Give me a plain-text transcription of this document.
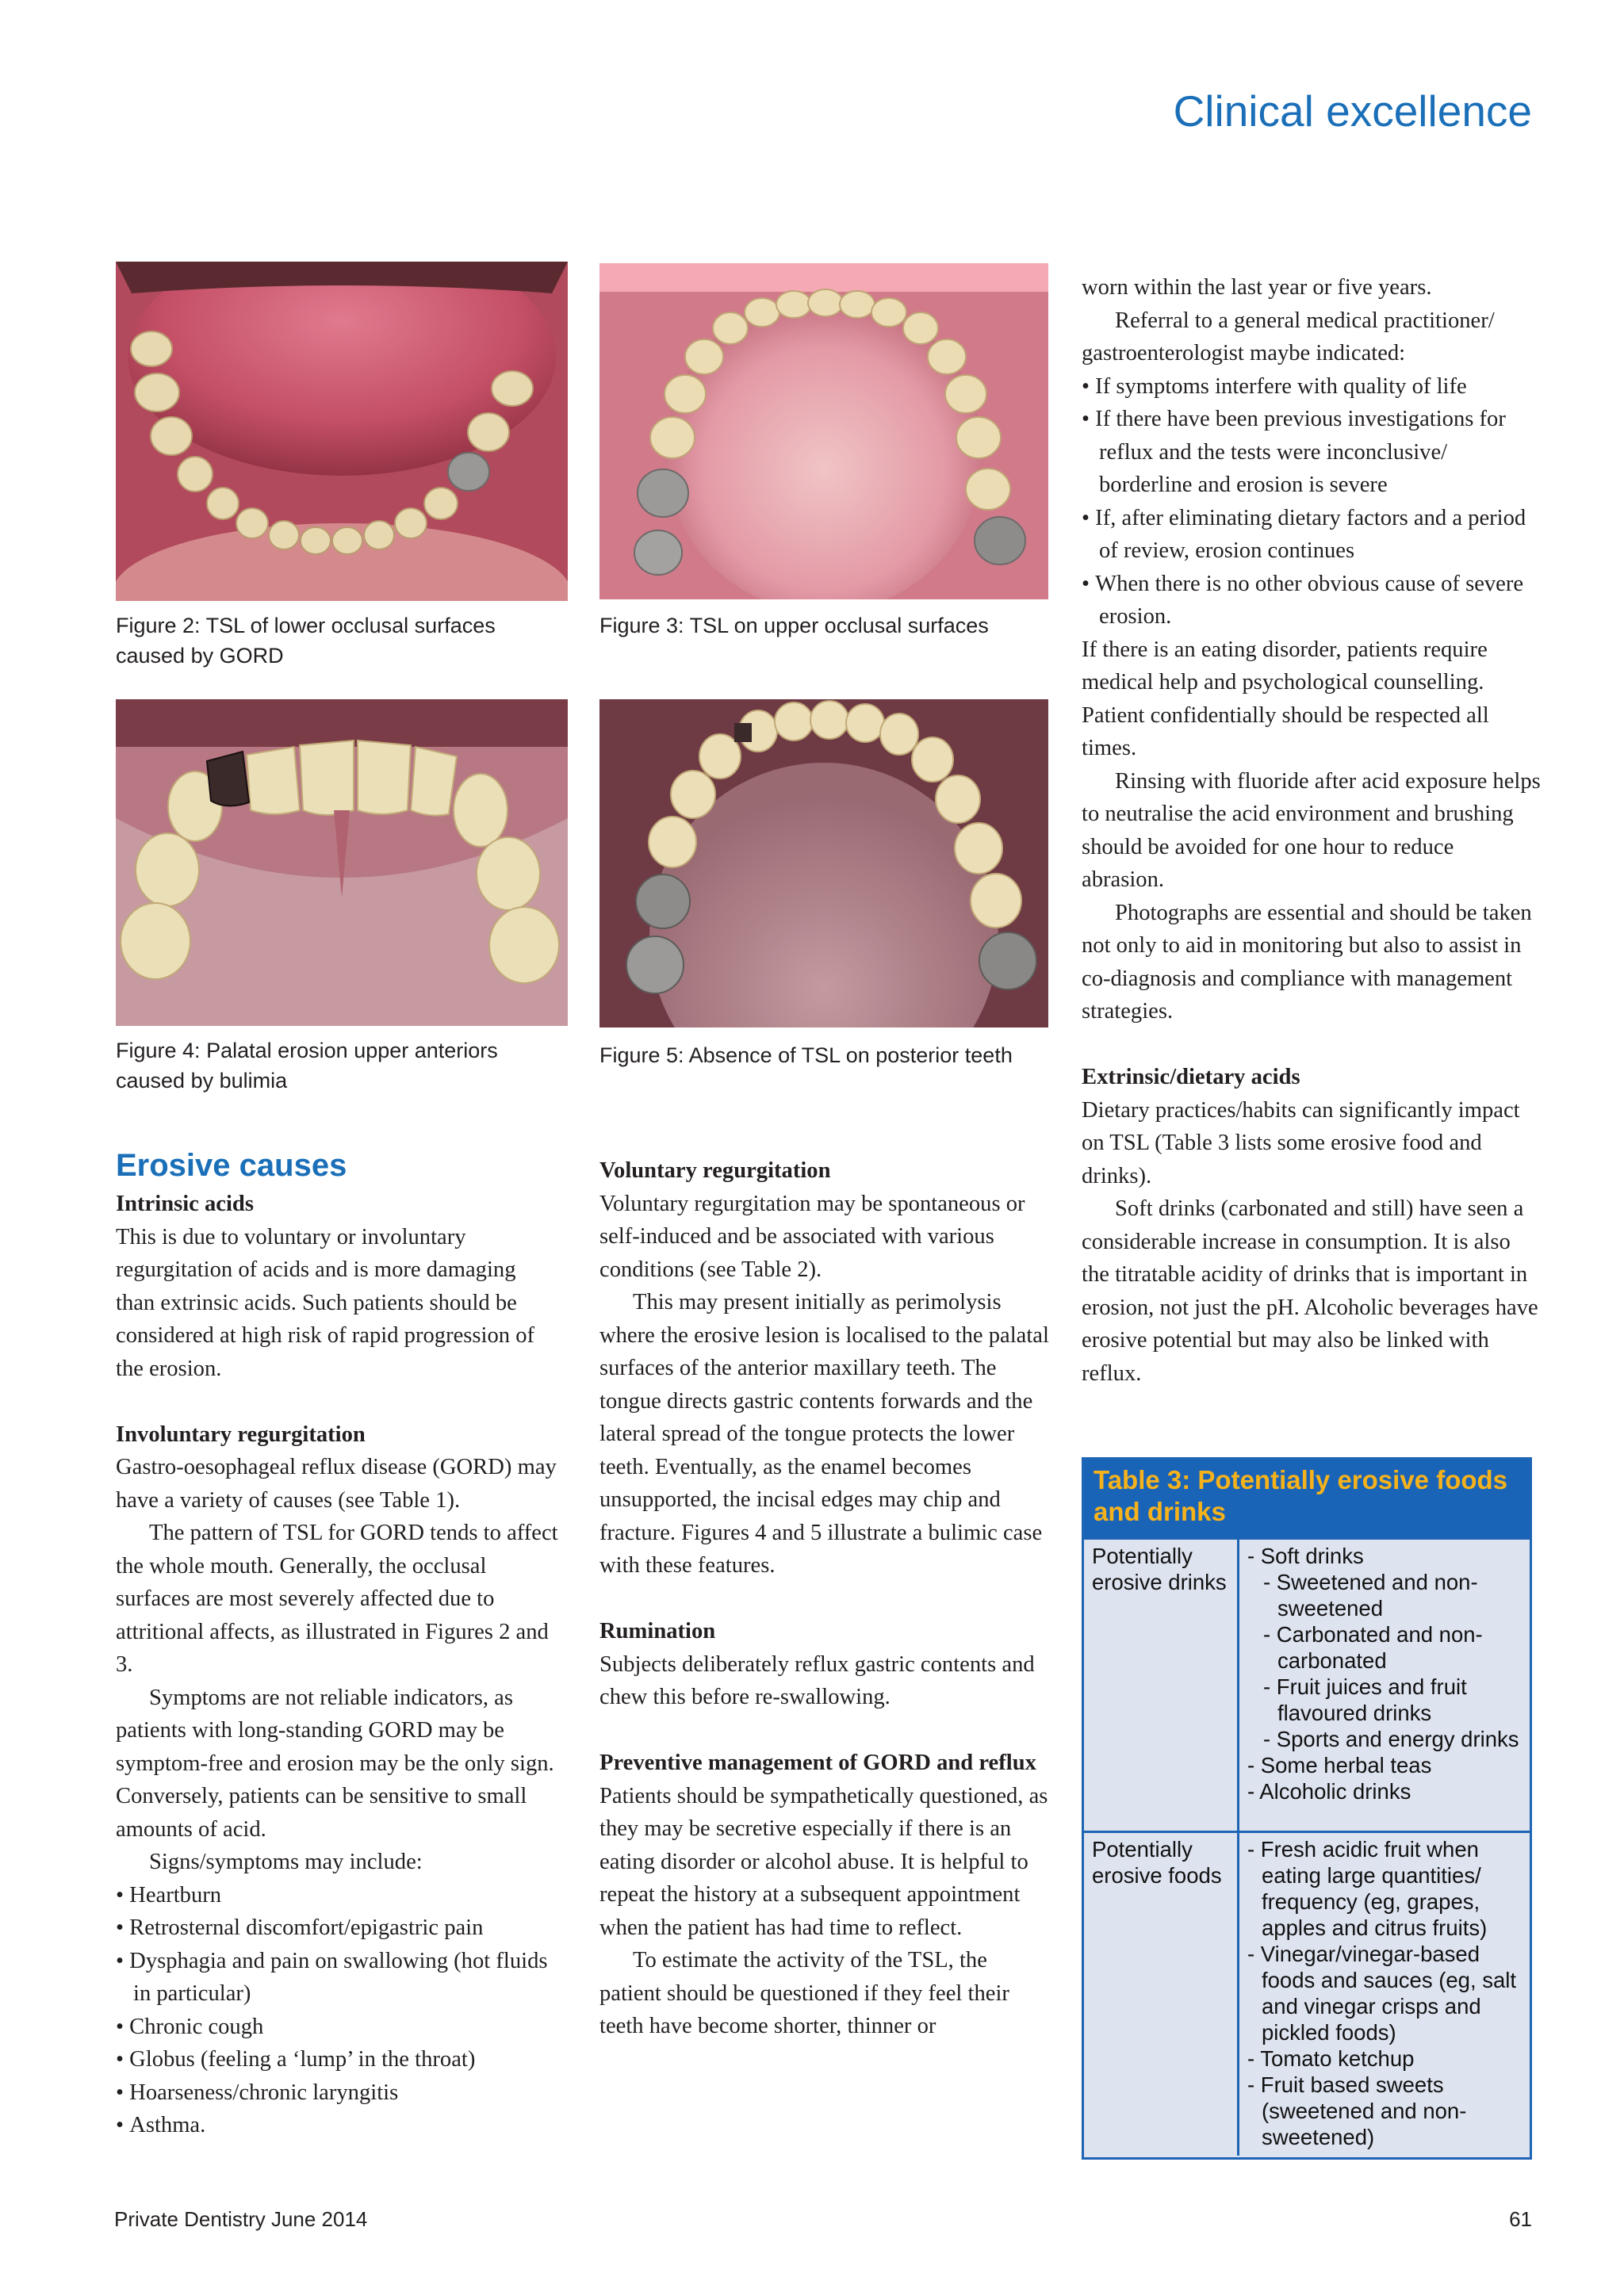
Clinical excellence
Figure 2: TSL of lower occlusal surfaces caused by GORD
Figure 3: TSL on upper occlusal surfaces
Figure 4: Palatal erosion upper anteriors caused by bulimia
Figure 5: Absence of TSL on posterior teeth
Erosive causes
Intrinsic acids

This is due to voluntary or involuntary regurgitation of acids and is more damaging than extrinsic acids. Such patients should be considered at high risk of rapid progression of the erosion.

Involuntary regurgitation

Gastro-oesophageal reflux disease (GORD) may have a variety of causes (see Table 1).

The pattern of TSL for GORD tends to affect the whole mouth. Generally, the occlusal surfaces are most severely affected due to attritional affects, as illustrated in Figures 2 and 3.

Symptoms are not reliable indicators, as patients with long-standing GORD may be symptom-free and erosion may be the only sign. Conversely, patients can be sensitive to small amounts of acid.

Signs/symptoms may include:

• Heartburn
• Retrosternal discomfort/epigastric pain
• Dysphagia and pain on swallowing (hot fluids in particular)
• Chronic cough
• Globus (feeling a ‘lump’ in the throat)
• Hoarseness/chronic laryngitis
• Asthma.
Voluntary regurgitation

Voluntary regurgitation may be spontaneous or self-induced and be associated with various conditions (see Table 2).

This may present initially as perimolysis where the erosive lesion is localised to the palatal surfaces of the anterior maxillary teeth. The tongue directs gastric contents forwards and the lateral spread of the tongue protects the lower teeth. Eventually, as the enamel becomes unsupported, the incisal edges may chip and fracture. Figures 4 and 5 illustrate a bulimic case with these features.

Rumination

Subjects deliberately reflux gastric contents and chew this before re-swallowing.

Preventive management of GORD and reflux

Patients should be sympathetically questioned, as they may be secretive especially if there is an eating disorder or alcohol abuse. It is helpful to repeat the history at a subsequent appointment when the patient has had time to reflect.

To estimate the activity of the TSL, the patient should be questioned if they feel their teeth have become shorter, thinner or

worn within the last year or five years.

Referral to a general medical practitioner/ gastroenterologist maybe indicated:

• If symptoms interfere with quality of life
• If there have been previous investigations for reflux and the tests were inconclusive/ borderline and erosion is severe
• If, after eliminating dietary factors and a period of review, erosion continues
• When there is no other obvious cause of severe erosion.

If there is an eating disorder, patients require medical help and psychological counselling. Patient confidentially should be respected all times.

Rinsing with fluoride after acid exposure helps to neutralise the acid environment and brushing should be avoided for one hour to reduce abrasion.

Photographs are essential and should be taken not only to aid in monitoring but also to assist in co-diagnosis and compliance with management strategies.

Extrinsic/dietary acids

Dietary practices/habits can significantly impact on TSL (Table 3 lists some erosive food and drinks).

Soft drinks (carbonated and still) have seen a considerable increase in consumption. It is also the titratable acidity of drinks that is important in erosion, not just the pH. Alcoholic beverages have erosive potential but may also be linked with reflux.

Table 3: Potentially erosive foods and drinks
Potentially erosive drinks
- Soft drinks
- Sweetened and non-sweetened
- Carbonated and non-carbonated
- Fruit juices and fruit flavoured drinks
- Sports and energy drinks
- Some herbal teas
- Alcoholic drinks
Potentially erosive foods
- Fresh acidic fruit when eating large quantities/ frequency (eg, grapes, apples and citrus fruits)
- Vinegar/vinegar-based foods and sauces (eg, salt and vinegar crisps and pickled foods)
- Tomato ketchup
- Fruit based sweets (sweetened and non-sweetened)
Private Dentistry June 2014	61
